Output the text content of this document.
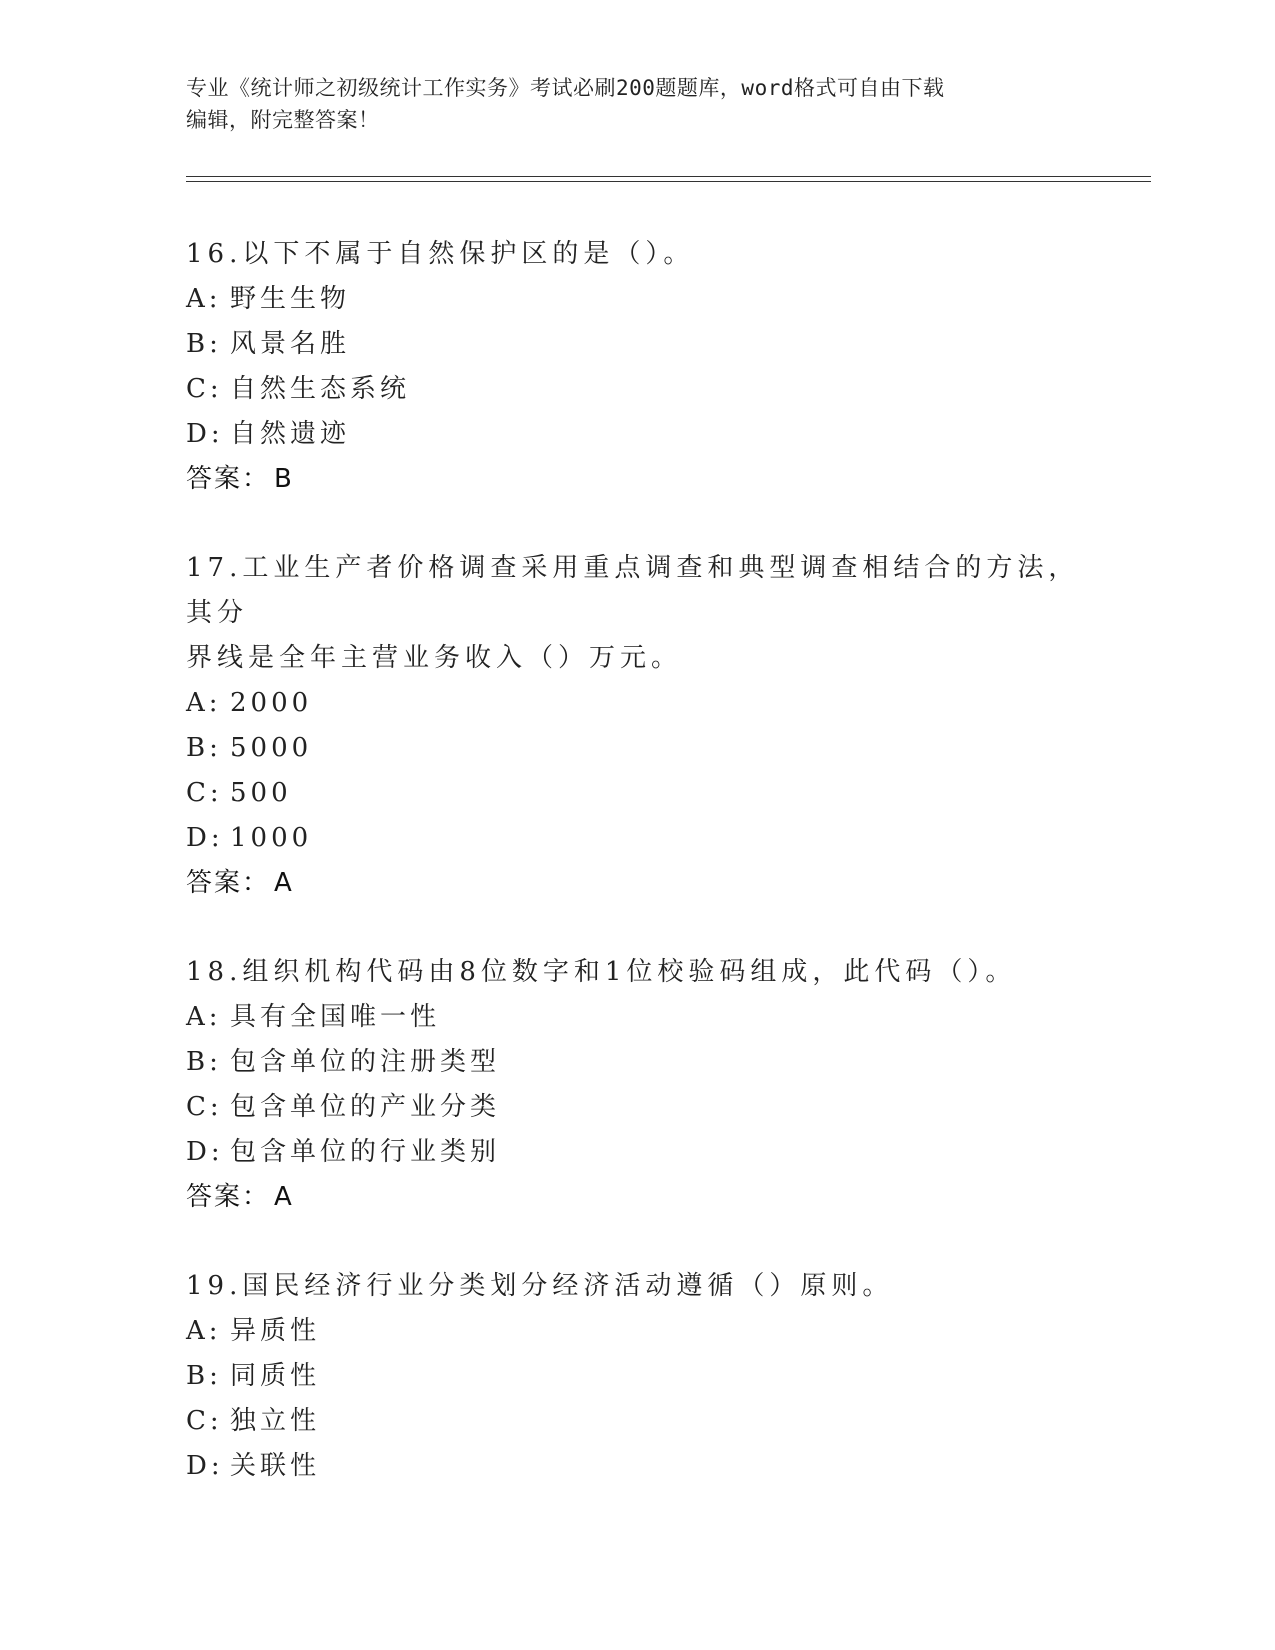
专业《统计师之初级统计工作实务》考试必刷200题题库，word格式可自由下载
编辑，附完整答案！
16.以下不属于自然保护区的是（）。
A: 野生生物
B: 风景名胜
C: 自然生态系统
D: 自然遗迹
答案： B
17.工业生产者价格调查采用重点调查和典型调查相结合的方法，其分
界线是全年主营业务收入（）万元。
A: 2000
B: 5000
C: 500
D: 1000
答案： A
18.组织机构代码由8位数字和1位校验码组成，此代码（）。
A: 具有全国唯一性
B: 包含单位的注册类型
C: 包含单位的产业分类
D: 包含单位的行业类别
答案： A
19.国民经济行业分类划分经济活动遵循（）原则。
A: 异质性
B: 同质性
C: 独立性
D: 关联性
